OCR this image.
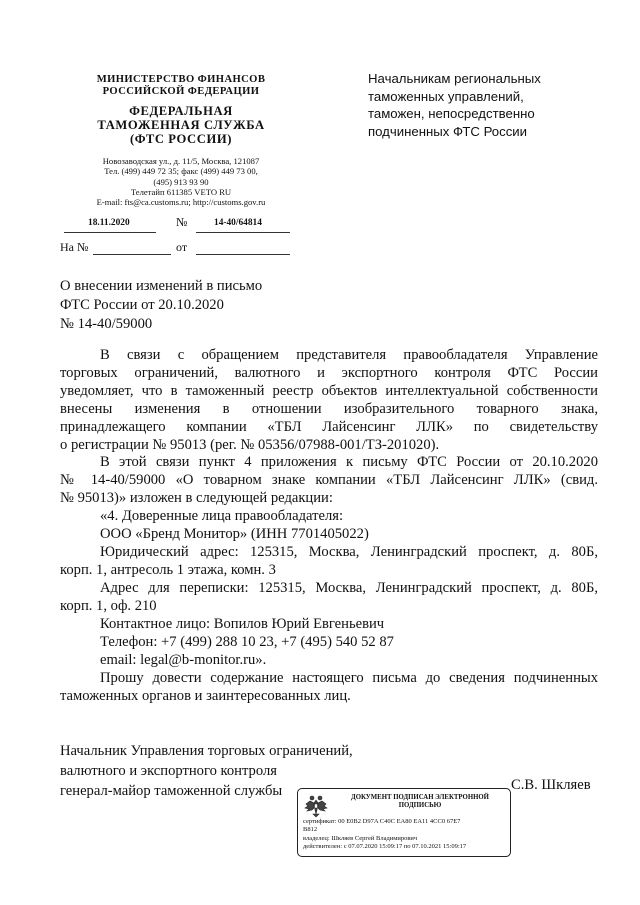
МИНИСТЕРСТВО ФИНАНСОВ
РОССИЙСКОЙ ФЕДЕРАЦИИ
ФЕДЕРАЛЬНАЯ
ТАМОЖЕННАЯ СЛУЖБА
(ФТС РОССИИ)
Новозаводская ул., д. 11/5, Москва, 121087
Тел. (499) 449 72 35; факс (499) 449 73 00,
(495) 913 93 90
Телетайп 611385 VETO RU
E-mail: fts@ca.customs.ru; http://customs.gov.ru
18.11.2020	№	14-40/64814
На №	от
Начальникам региональных
таможенных управлений,
таможен, непосредственно
подчиненных ФТС России
О внесении изменений в письмо
ФТС России от 20.10.2020
№ 14-40/59000
В связи с обращением представителя правообладателя Управление
торговых ограничений, валютного и экспортного контроля ФТС России
уведомляет, что в таможенный реестр объектов интеллектуальной собственности
внесены изменения в отношении изобразительного товарного знака,
принадлежащего компании «ТБЛ Лайсенсинг ЛЛК» по свидетельству
о регистрации № 95013 (рег. № 05356/07988-001/ТЗ-201020).
В этой связи пункт 4 приложения к письму ФТС России от 20.10.2020
№ 14-40/59000 «О товарном знаке компании «ТБЛ Лайсенсинг ЛЛК» (свид.
№ 95013)» изложен в следующей редакции:
«4. Доверенные лица правообладателя:
ООО «Бренд Монитор» (ИНН 7701405022)
Юридический адрес: 125315, Москва, Ленинградский проспект, д. 80Б,
корп. 1, антресоль 1 этажа, комн. 3
Адрес для переписки: 125315, Москва, Ленинградский проспект, д. 80Б,
корп. 1, оф. 210
Контактное лицо: Вопилов Юрий Евгеньевич
Телефон: +7 (499) 288 10 23, +7 (495) 540 52 87
email: legal@b-monitor.ru».
Прошу довести содержание настоящего письма до сведения подчиненных
таможенных органов и заинтересованных лиц.
Начальник Управления торговых ограничений,
валютного и экспортного контроля
генерал-майор таможенной службы	С.В. Шкляев
ДОКУМЕНТ ПОДПИСАН ЭЛЕКТРОННОЙ
ПОДПИСЬЮ
сертификат: 00 E0B2 D97A C40C EA80 EA11 4CC0 67E7
B812
владелец: Шкляев Сергей Владимирович
действителен: с 07.07.2020 15:09:17 по 07.10.2021 15:09:17
